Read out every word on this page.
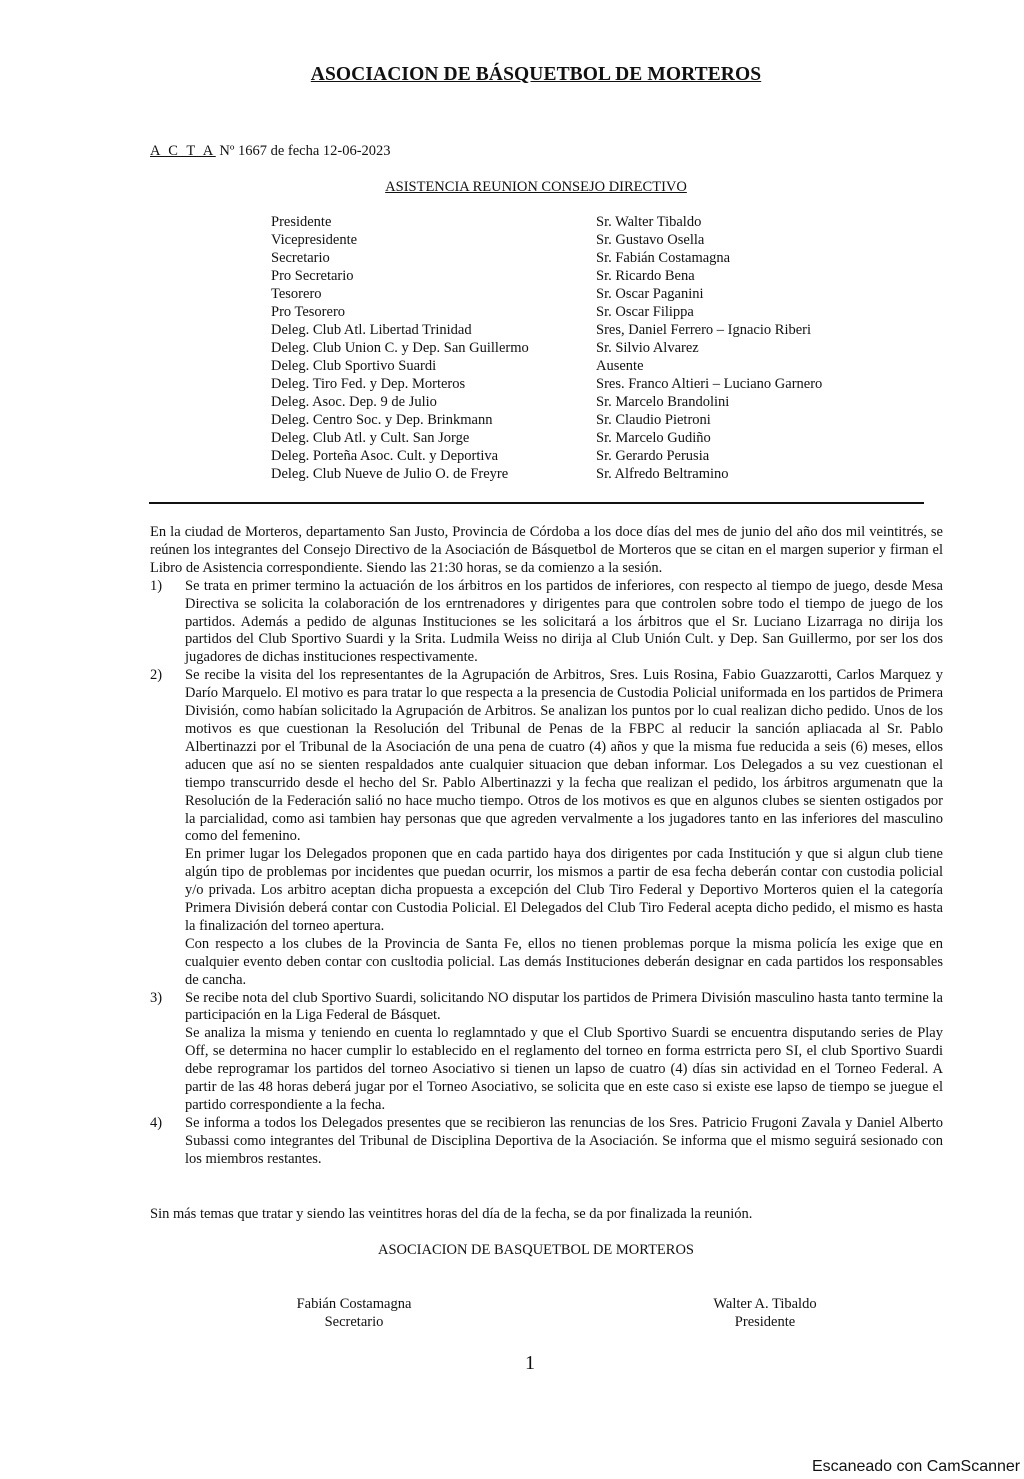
ASOCIACION DE BÁSQUETBOL DE MORTEROS
A C T A Nº 1667 de fecha 12-06-2023
ASISTENCIA REUNION CONSEJO DIRECTIVO
Presidente	Sr. Walter Tibaldo
Vicepresidente	Sr. Gustavo Osella
Secretario	Sr. Fabián Costamagna
Pro Secretario	Sr. Ricardo Bena
Tesorero	Sr. Oscar Paganini
Pro Tesorero	Sr. Oscar Filippa
Deleg. Club Atl. Libertad Trinidad	Sres, Daniel Ferrero – Ignacio Riberi
Deleg. Club Union C. y Dep. San Guillermo	Sr. Silvio Alvarez
Deleg. Club Sportivo Suardi	Ausente
Deleg. Tiro Fed. y Dep. Morteros	Sres. Franco Altieri – Luciano Garnero
Deleg. Asoc. Dep. 9 de Julio	Sr. Marcelo Brandolini
Deleg. Centro Soc. y Dep. Brinkmann	Sr. Claudio Pietroni
Deleg. Club Atl. y Cult. San Jorge	Sr. Marcelo Gudiño
Deleg. Porteña Asoc. Cult. y Deportiva	Sr. Gerardo Perusia
Deleg. Club Nueve de Julio O. de Freyre	Sr. Alfredo Beltramino

En la ciudad de Morteros, departamento San Justo, Provincia de Córdoba a los doce días del mes de junio del año dos mil veintitrés, se reúnen los integrantes del Consejo Directivo de la Asociación de Básquetbol de Morteros que se citan en el margen superior y firman el Libro de Asistencia correspondiente. Siendo las 21:30 horas, se da comienzo a la sesión.

1)	Se trata en primer termino la actuación de los árbitros en los partidos de inferiores, con respecto al tiempo de juego, desde Mesa Directiva se solicita la colaboración de los erntrenadores y dirigentes para que controlen sobre todo el tiempo de juego de los partidos. Además a pedido de algunas Instituciones se les solicitará a los árbitros que el Sr. Luciano Lizarraga no dirija los partidos del Club Sportivo Suardi y la Srita. Ludmila Weiss no dirija al Club Unión Cult. y Dep. San Guillermo, por ser los dos jugadores de dichas instituciones respectivamente.

2)	Se recibe la visita del los representantes de la Agrupación de Arbitros, Sres. Luis Rosina, Fabio Guazzarotti, Carlos Marquez y Darío Marquelo. El motivo es para tratar lo que respecta a la presencia de Custodia Policial uniformada en los partidos de Primera División, como habían solicitado la Agrupación de Arbitros. Se analizan los puntos por lo cual realizan dicho pedido. Unos de los motivos es que cuestionan la Resolución del Tribunal de Penas de la FBPC al reducir la sanción apliacada al Sr. Pablo Albertinazzi por el Tribunal de la Asociación de una pena de cuatro (4) años y que la misma fue reducida a seis (6) meses, ellos aducen que así no se sienten respaldados ante cualquier situacion que deban informar. Los Delegados a su vez cuestionan el tiempo transcurrido desde el hecho del Sr. Pablo Albertinazzi y la fecha que realizan el pedido, los árbitros argumenatn que la Resolución de la Federación salió no hace mucho tiempo. Otros de los motivos es que en algunos clubes se sienten ostigados por la parcialidad, como asi tambien hay personas que que agreden vervalmente a los jugadores tanto en las inferiores del masculino como del femenino.

En primer lugar los Delegados proponen que en cada partido haya dos dirigentes por cada Institución y que si algun club tiene algún tipo de problemas por incidentes que puedan ocurrir, los mismos a partir de esa fecha deberán contar con custodia policial y/o privada. Los arbitro aceptan dicha propuesta a excepción del Club Tiro Federal y Deportivo Morteros quien el la categoría Primera División deberá contar con Custodia Policial. El Delegados del Club Tiro Federal acepta dicho pedido, el mismo es hasta la finalización del torneo apertura.

Con respecto a los clubes de la Provincia de Santa Fe, ellos no tienen problemas porque la misma policía les exige que en cualquier evento deben contar con cusltodia policial. Las demás Instituciones deberán designar en cada partidos los responsables de cancha.

3)	Se recibe nota del club Sportivo Suardi, solicitando NO disputar los partidos de Primera División masculino hasta tanto termine la participación en la Liga Federal de Básquet.

Se analiza la misma y teniendo en cuenta lo reglamntado y que el Club Sportivo Suardi se encuentra disputando series de Play Off, se determina no hacer cumplir lo establecido en el reglamento del torneo en forma estrricta pero SI, el club Sportivo Suardi debe reprogramar los partidos del torneo Asociativo si tienen un lapso de cuatro (4) días sin actividad en el Torneo Federal. A partir de las 48 horas deberá jugar por el Torneo Asociativo, se solicita que en este caso si existe ese lapso de tiempo se juegue el partido correspondiente a la fecha.

4)	Se informa a todos los Delegados presentes que se recibieron las renuncias de los Sres. Patricio Frugoni Zavala y Daniel Alberto Subassi como integrantes del Tribunal de Disciplina Deportiva de la Asociación. Se informa que el mismo seguirá sesionado con los miembros restantes.

Sin más temas que tratar y siendo las veintitres horas del día de la fecha, se da por finalizada la reunión.
ASOCIACION DE BASQUETBOL DE MORTEROS
Fabián Costamagna
Secretario
Walter A. Tibaldo
Presidente
1
Escaneado con CamScanner
